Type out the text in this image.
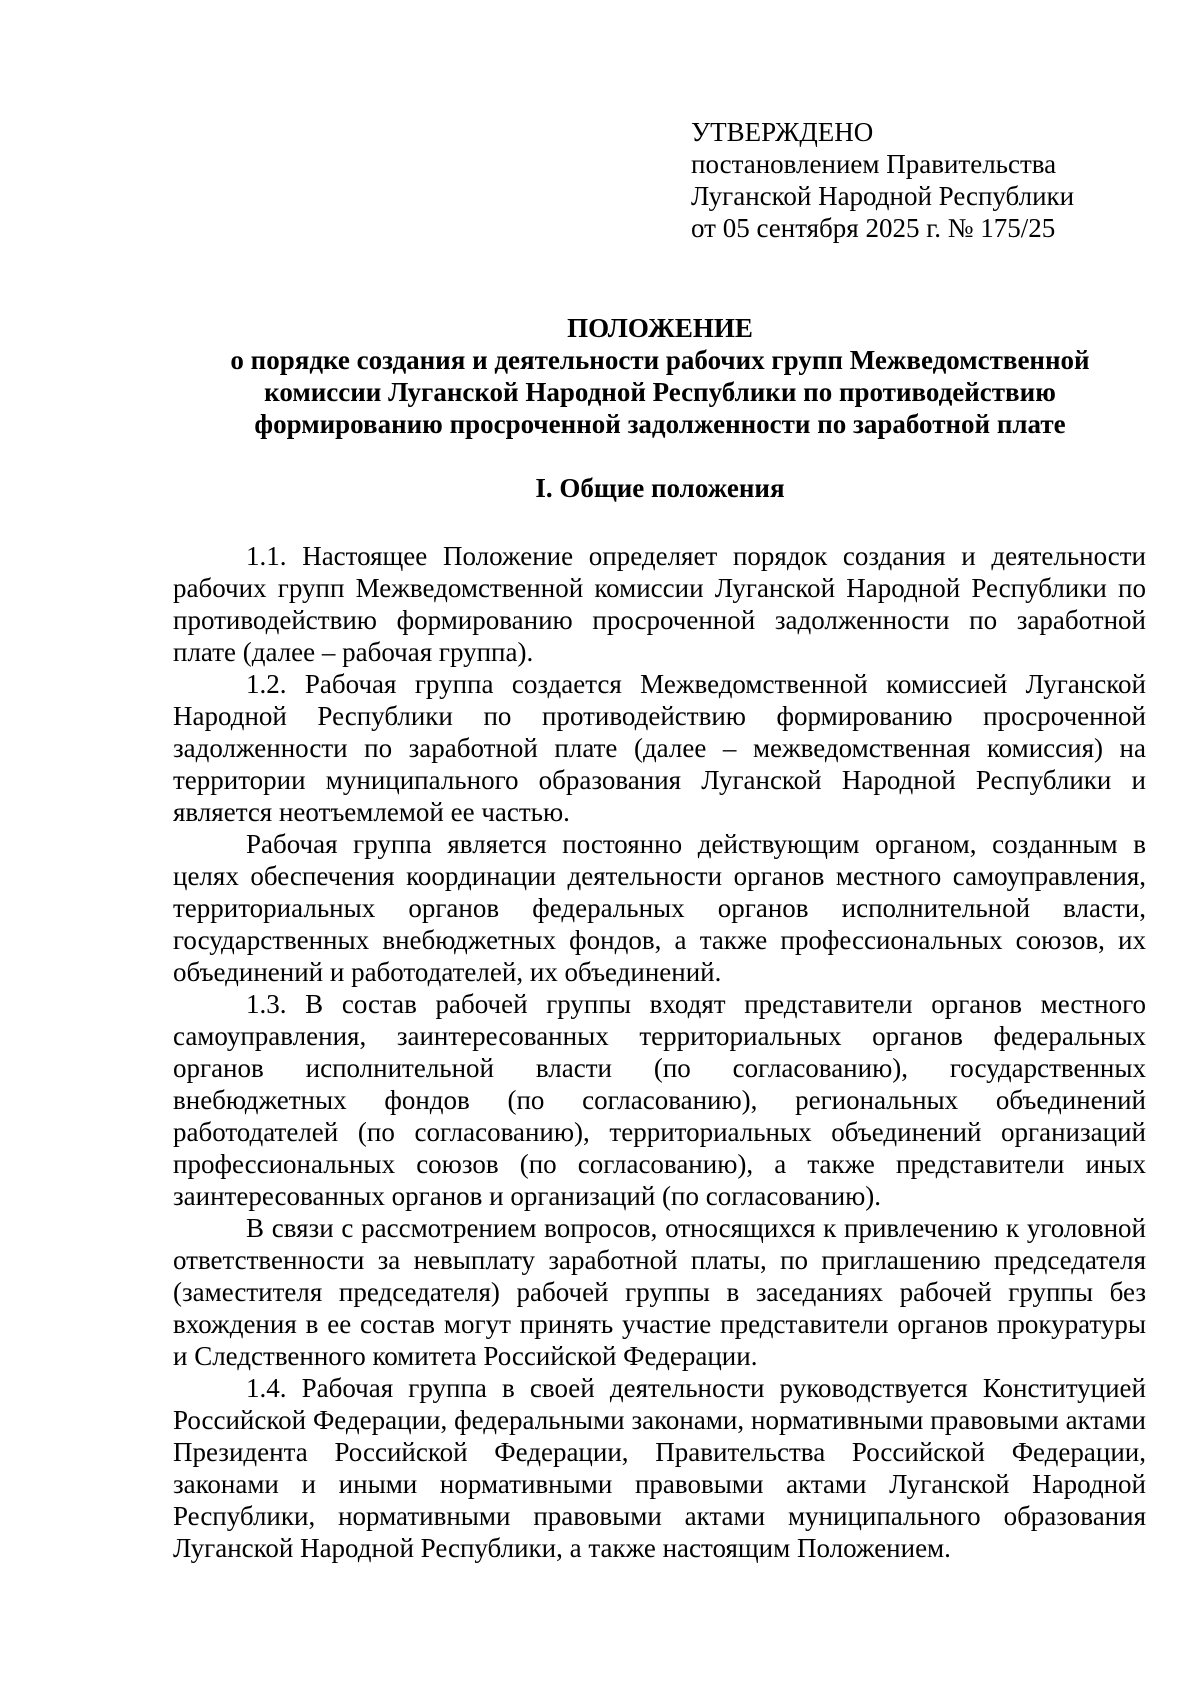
УТВЕРЖДЕНО
постановлением Правительства
Луганской Народной Республики
от 05 сентября 2025 г. № 175/25
ПОЛОЖЕНИЕ
о порядке создания и деятельности рабочих групп Межведомственной
комиссии Луганской Народной Республики по противодействию
формированию просроченной задолженности по заработной плате
I. Общие положения

1.1. Настоящее Положение определяет порядок создания и деятельности рабочих групп Межведомственной комиссии Луганской Народной Республики по противодействию формированию просроченной задолженности по заработной плате (далее – рабочая группа).

1.2. Рабочая группа создается Межведомственной комиссией Луганской Народной Республики по противодействию формированию просроченной задолженности по заработной плате (далее – межведомственная комиссия) на территории муниципального образования Луганской Народной Республики и является неотъемлемой ее частью.

Рабочая группа является постоянно действующим органом, созданным в целях обеспечения координации деятельности органов местного самоуправления, территориальных органов федеральных органов исполнительной власти, государственных внебюджетных фондов, а также профессиональных союзов, их объединений и работодателей, их объединений.

1.3. В состав рабочей группы входят представители органов местного самоуправления, заинтересованных территориальных органов федеральных органов исполнительной власти (по согласованию), государственных внебюджетных фондов (по согласованию), региональных объединений работодателей (по согласованию), территориальных объединений организаций профессиональных союзов (по согласованию), а также представители иных заинтересованных органов и организаций (по согласованию).

В связи с рассмотрением вопросов, относящихся к привлечению к уголовной ответственности за невыплату заработной платы, по приглашению председателя (заместителя председателя) рабочей группы в заседаниях рабочей группы без вхождения в ее состав могут принять участие представители органов прокуратуры и Следственного комитета Российской Федерации.

1.4. Рабочая группа в своей деятельности руководствуется Конституцией Российской Федерации, федеральными законами, нормативными правовыми актами Президента Российской Федерации, Правительства Российской Федерации, законами и иными нормативными правовыми актами Луганской Народной Республики, нормативными правовыми актами муниципального образования Луганской Народной Республики, а также настоящим Положением.
